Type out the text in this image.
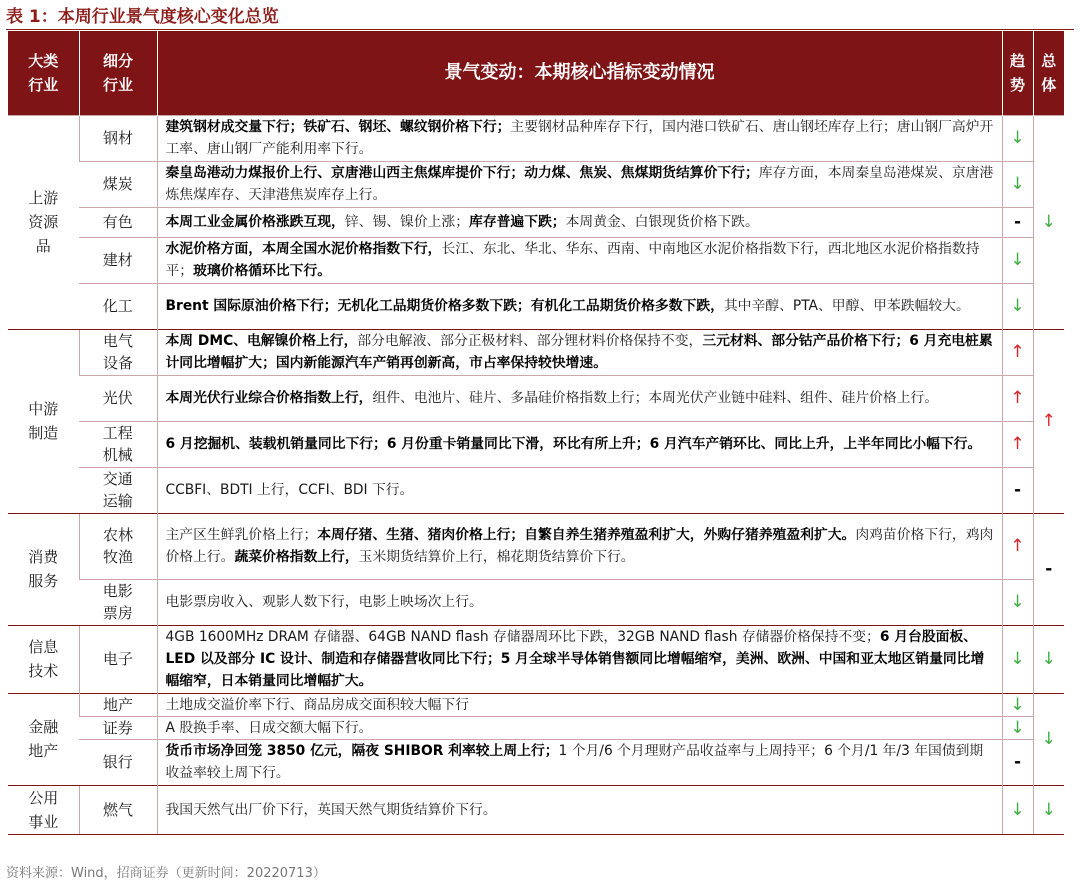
表 1：本周行业景气度核心变化总览
大类
行业	细分
行业	景气变动：本期核心指标变动情况	趋
势	总
体
上游
资源
品	钢材	建筑钢材成交量下行；铁矿石、钢坯、螺纹钢价格下行；主要钢材品种库存下行，国内港口铁矿石、唐山钢坯库存上行；唐山钢厂高炉开工率、唐山钢厂产能利用率下行。	↓	↓
	煤炭	秦皇岛港动力煤报价上行、京唐港山西主焦煤库提价下行；动力煤、焦炭、焦煤期货结算价下行；库存方面，本周秦皇岛港煤炭、京唐港炼焦煤库存、天津港焦炭库存上行。	↓	
	有色	本周工业金属价格涨跌互现，锌、锡、镍价上涨；库存普遍下跌；本周黄金、白银现货价格下跌。	-	
	建材	水泥价格方面，本周全国水泥价格指数下行，长江、东北、华北、华东、西南、中南地区水泥价格指数下行，西北地区水泥价格指数持平；玻璃价格循环比下行。	↓	
	化工	Brent 国际原油价格下行；无机化工品期货价格多数下跌；有机化工品期货价格多数下跌，其中辛醇、PTA、甲醇、甲苯跌幅较大。	↓	
中游
制造	电气
设备	本周 DMC、电解镍价格上行，部分电解液、部分正极材料、部分锂材料价格保持不变，三元材料、部分钴产品价格下行；6 月充电桩累计同比增幅扩大；国内新能源汽车产销再创新高，市占率保持较快增速。	↑	↑
	光伏	本周光伏行业综合价格指数上行，组件、电池片、硅片、多晶硅价格指数上行；本周光伏产业链中硅料、组件、硅片价格上行。	↑	
	工程
机械	6 月挖掘机、装载机销量同比下行；6 月份重卡销量同比下滑，环比有所上升；6 月汽车产销环比、同比上升，上半年同比小幅下行。	↑	
	交通
运输	CCBFI、BDTI 上行，CCFI、BDI 下行。	-	
消费
服务	农林
牧渔	主产区生鲜乳价格上行；本周仔猪、生猪、猪肉价格上行；自繁自养生猪养殖盈利扩大，外购仔猪养殖盈利扩大。肉鸡苗价格下行，鸡肉价格上行。蔬菜价格指数上行，玉米期货结算价上行，棉花期货结算价下行。	↑	-
	电影
票房	电影票房收入、观影人数下行，电影上映场次上行。	↓	
信息
技术	电子	4GB 1600MHz DRAM 存储器、64GB NAND flash 存储器周环比下跌，32GB NAND flash 存储器价格保持不变；6 月台股面板、LED 以及部分 IC 设计、制造和存储器营收同比下行；5 月全球半导体销售额同比增幅缩窄，美洲、欧洲、中国和亚太地区销量同比增幅缩窄，日本销量同比增幅扩大。	↓	↓
金融
地产	地产	土地成交溢价率下行、商品房成交面积较大幅下行	↓	↓
	证券	A 股换手率、日成交额大幅下行。	↓	
	银行	货币市场净回笼 3850 亿元，隔夜 SHIBOR 利率较上周上行；1 个月/6 个月理财产品收益率与上周持平；6 个月/1 年/3 年国债到期收益率较上周下行。	-	
公用
事业	燃气	我国天然气出厂价下行，英国天然气期货结算价下行。	↓	↓
资料来源：Wind，招商证券（更新时间：20220713）
